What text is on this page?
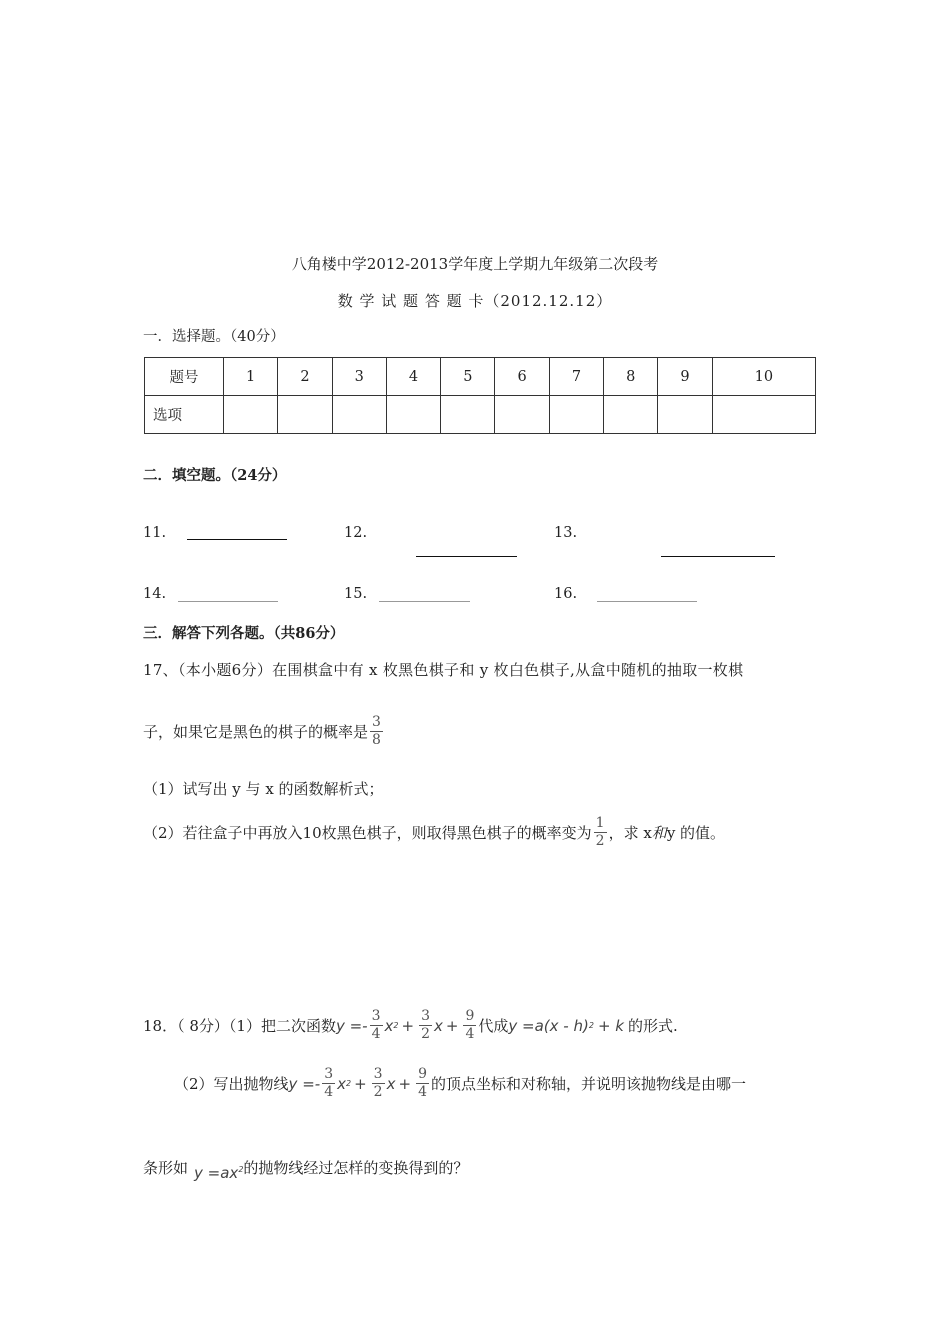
八角楼中学2012-2013学年度上学期九年级第二次段考
数 学 试 题 答 题 卡（2012.12.12）
一．选择题。（40分）
题号	1	2	3	4	5	6	7	8	9	10
选项										
二．填空题。（24分）
11.	12.	13.
14.	15.	16.
三．解答下列各题。（共86分）
17、（本小题6分）在围棋盒中有 x 枚黑色棋子和 y 枚白色棋子,从盒中随机的抽取一枚棋
子，如果它是黑色的棋子的概率是 $\frac{3}{8}$
（1）试写出 y 与 x 的函数解析式；
（2）若往盒子中再放入10枚黑色棋子，则取得黑色棋子的概率变为 $\frac{1}{2}$ ，求 x 和 y 的值。
18．（ 8分）（1）把二次函数 $y =- \frac{3}{4}$ x $2 + \frac{3}{2}$ $x + \frac{9}{4}$ 代成 y =a(x - h) 2 + k 的形式.
（2）写出抛物线 $y =- \frac{3}{4}$ x $2 + \frac{3}{2}$ $x + \frac{9}{4}$ 的顶点坐标和对称轴，并说明该抛物线是由哪一
条形如 $y =ax^2$ 的抛物线经过怎样的变换得到的？
